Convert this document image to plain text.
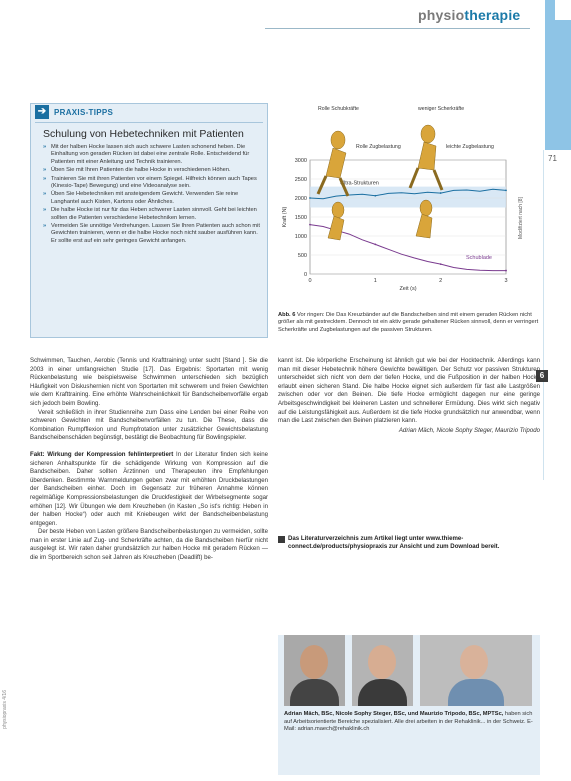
physiotherapie
71
➔ PRAXIS-TIPPS
Schulung von Hebetechniken mit Patienten
» Mit der halben Hocke lassen sich auch schwere Lasten schonend heben. Die Einhaltung von geraden Rücken ist dabei eine zentrale Rolle. Entscheidend für Patienten mit einer Anleitung und Technik trainieren.
» Üben Sie mit Ihren Patienten die halbe Hocke in verschiedenen Höhen.
» Trainieren Sie mit ihren Patienten vor einem Spiegel. Hilfreich können auch Tapes (Kinesio-Tape) Bewegung) und eine Videoanalyse sein.
» Üben Sie Hebetechniken mit ansteigendem Gewicht. Verwenden Sie reine Langhantel auch Kisten, Kartons oder Ähnliches.
» Die halbe Hocke ist nur für das Heben schwerer Lasten sinnvoll. Geht bei leichten sollten die Patienten verschiedene Hebetechniken lernen.
» Vermeiden Sie unnötige Verdrehungen. Lassen Sie Ihren Patienten auch schon mit Gewichten trainieren, wenn er die halbe Hocke noch nicht sauber ausführen kann. Er sollte erst auf ein sehr geringes Gewicht anfangen.
0
500
1000
1500
2000
2500
3000
0	1	2	3
Zeit (s)
Kraft (N)
Ultra-Strukturen
Schublade
Rolle Schubkräfte	weniger Scherkräfte
Rolle Zugbelastung	leichte Zugbelastung
Modifiziert nach [8]
6
Abb. 6 Vor ringen: Die Das Kreuzbänder auf die Bandscheiben sind mit einem geraden Rücken nicht größer als mit gestrecktem. Dennoch ist ein aktiv gerade gehaltener Rücken sinnvoll, denn er verringert Scherkräfte und Zugbelastungen auf die passiven Strukturen.

Schwimmen, Tauchen, Aerobic (Tennis und Krafttraining) unter sucht [Stand ]. Sie die 2003 in einer umfangreichen Studie [17]. Das Ergebnis: Sportarten mit wenig Rückenbelastung wie beispielsweise Schwimmen unterschieden sich bezüglich Häufigkeit von Diskushernien nicht von Sportarten mit schwerem und freien Gewichten wie dem Krafttraining. Eine erhöhte Wahrscheinlichkeit für Bandscheibenvorfälle ergab sich jedoch beim Bowling.

Vereit schließlich in ihrer Studienreihe zum Dass eine Lenden bei einer Reihe von schweren Gewichten mit Bandscheibenvorfällen zu tun. Die These, dass die Kombination Rumpfflexion und Rumpfrotation unter zusätzlicher Gewichtsbelastung Bandscheibenschäden begünstigt, bestätigt die Beobachtung für Bowlingspieler.

Fakt: Wirkung der Kompression fehlinterpretiert In der Literatur finden sich keine sicheren Anhaltspunkte für die schädigende Wirkung von Kompression auf die Bandscheiben. Daher sollten Ärztinnen und Therapeuten ihre Empfehlungen überdenken. Bestimmte Warnmeldungen geben zwar mit erhöhten Druckbelastungen der Bandscheiben einher. Doch im Gegensatz zur früheren Annahme können regelmäßige Kompressionsbelastungen die Druckfestigkeit der Wirbelsegmente sogar erhöhen [12]. Wir Übungen wie dem Kreuzheben (in Kasten „So ist's richtig: Heben in der halben Hocke“) oder auch mit Kniebeugen wirkt der Bandscheibenbelastung entgegen.

Der beste Heben von Lasten größere Bandscheibenbelastungen zu vermeiden, sollte man in erster Linie auf Zug- und Scherkräfte achten, da die Bandscheiben hierfür nicht ausgelegt ist. Wir raten daher grundsätzlich zur halben Hocke mit geradem Rücken — die im Sportbereich schon seit Jahren als Kreuzheben (Deadlift) be-

kannt ist. Die körperliche Erscheinung ist ähnlich gut wie bei der Hocktechnik. Allerdings kann man mit dieser Hebetechnik höhere Gewichte bewältigen. Der Schutz vor passiven Strukturen unterscheidet sich nicht von dem der tiefen Hocke, und die Fußposition in der halben Hocke erlaubt einen sicheren Stand. Die halbe Hocke eignet sich außerdem für fast alle Lastgrößen zwischen oder vor den Beinen. Die tiefe Hocke ermöglicht dagegen nur eine geringe Arbeitsgeschwindigkeit bei kleineren Lasten und schnellerer Ermüdung. Dies wirkt sich negativ auf die Leistungsfähigkeit aus. Außerdem ist die tiefe Hocke grundsätzlich nur anwendbar, wenn man die Last zwischen den Beinen platzieren kann.

Adrian Mäch, Nicole Sophy Steger, Maurizio Tripodo
Das Literaturverzeichnis zum Artikel liegt unter www.thieme-connect.de/products/physiopraxis zur Ansicht und zum Download bereit.
Adrian Mäch, BSc, Nicole Sophy Steger, BSc, und Maurizio Tripodo, BSc, MPTSc, haben sich auf Arbeitsorientierte Bereiche spezialisiert. Alle drei arbeiten in der Rehaklinik... in der Schweiz. E-Mail: adrian.maech@rehaklinik.ch
physiopraxis 4/16
